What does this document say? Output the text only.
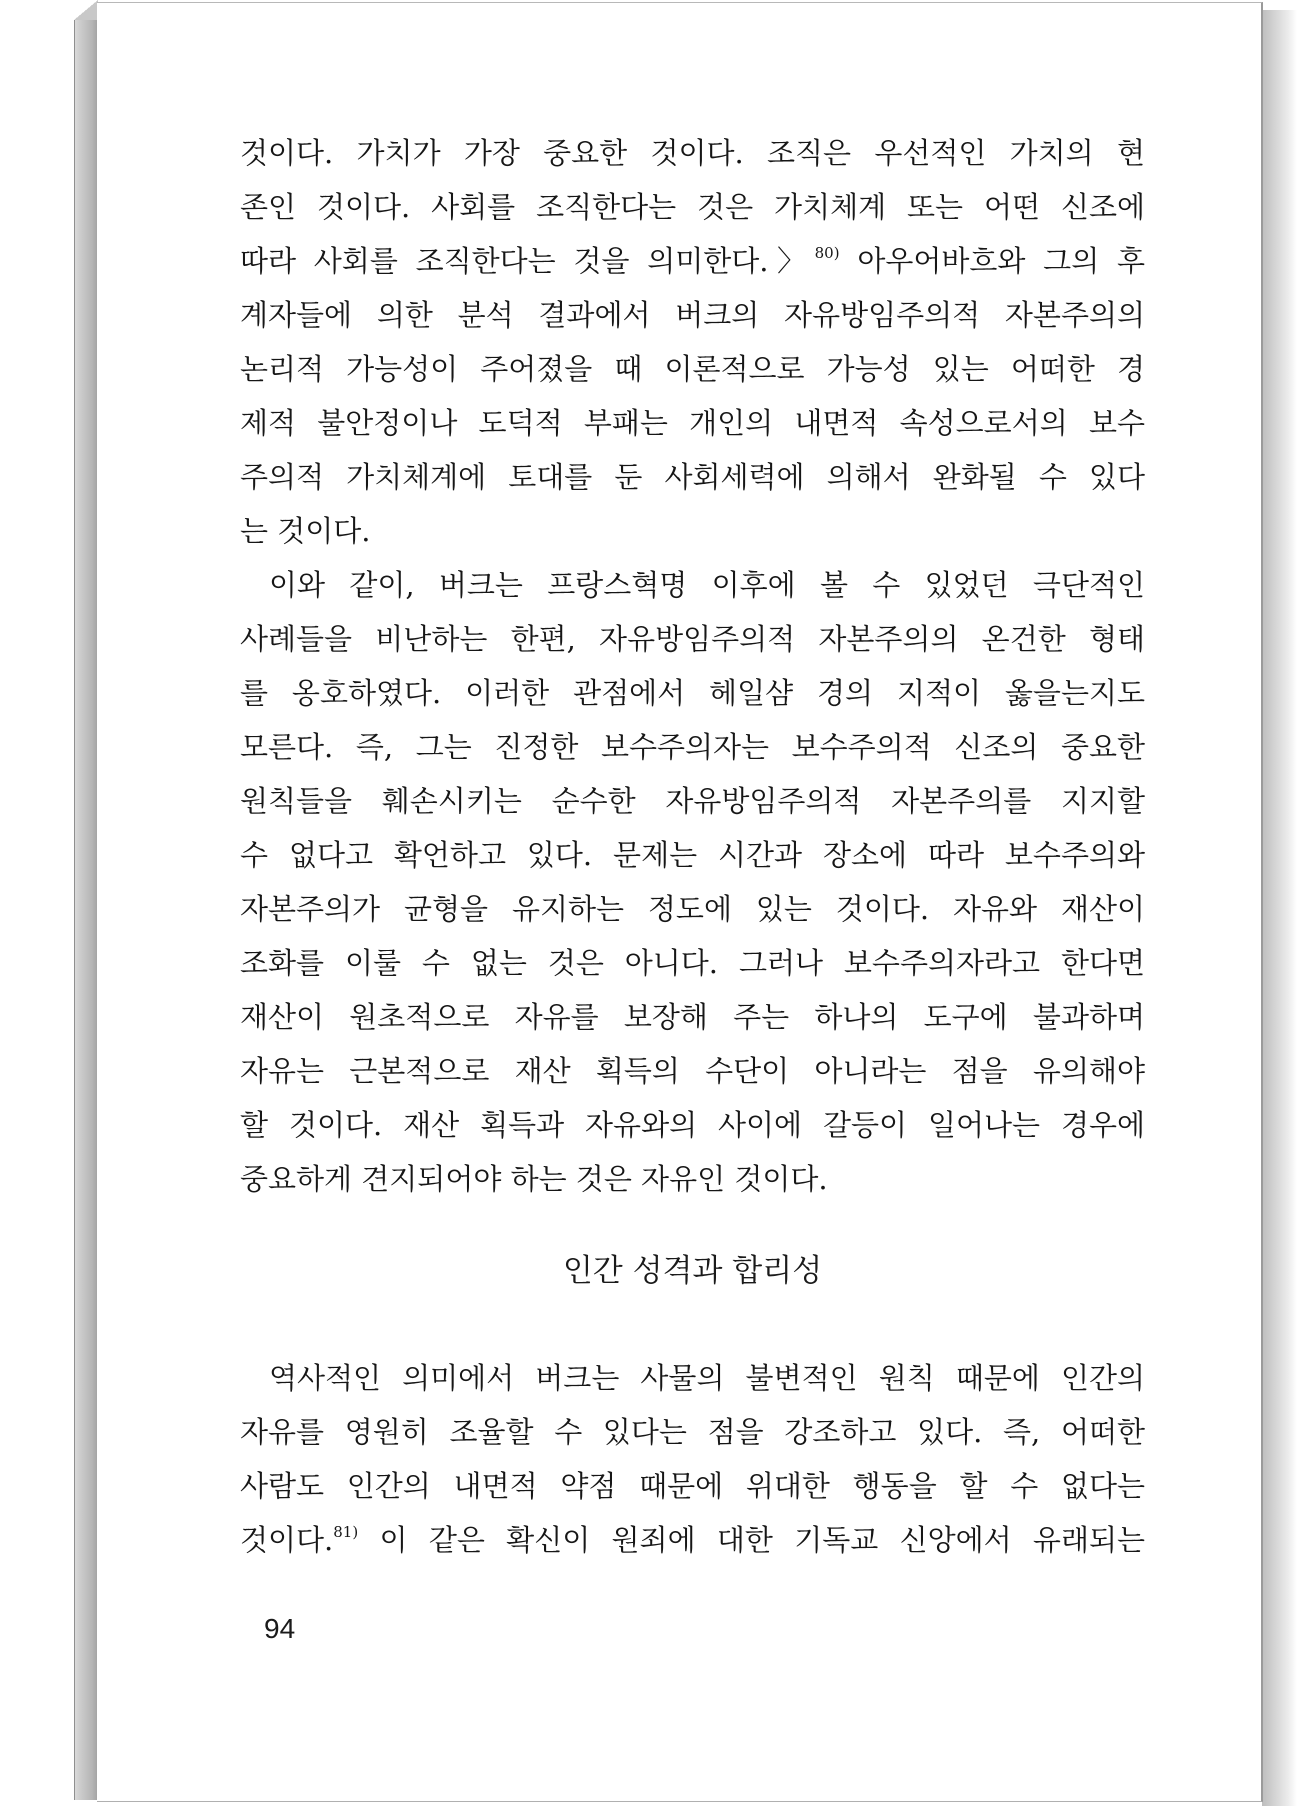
것이다. 가치가 가장 중요한 것이다. 조직은 우선적인 가치의 현
존인 것이다. 사회를 조직한다는 것은 가치체계 또는 어떤 신조에
따라 사회를 조직한다는 것을 의미한다.〉$^{80)}$ 아우어바흐와 그의 후
계자들에 의한 분석 결과에서 버크의 자유방임주의적 자본주의의
논리적 가능성이 주어졌을 때 이론적으로 가능성 있는 어떠한 경
제적 불안정이나 도덕적 부패는 개인의 내면적 속성으로서의 보수
주의적 가치체계에 토대를 둔 사회세력에 의해서 완화될 수 있다
는 것이다.
이와 같이, 버크는 프랑스혁명 이후에 볼 수 있었던 극단적인
사례들을 비난하는 한편, 자유방임주의적 자본주의의 온건한 형태
를 옹호하였다. 이러한 관점에서 헤일샴 경의 지적이 옳을는지도
모른다. 즉, 그는 진정한 보수주의자는 보수주의적 신조의 중요한
원칙들을 훼손시키는 순수한 자유방임주의적 자본주의를 지지할
수 없다고 확언하고 있다. 문제는 시간과 장소에 따라 보수주의와
자본주의가 균형을 유지하는 정도에 있는 것이다. 자유와 재산이
조화를 이룰 수 없는 것은 아니다. 그러나 보수주의자라고 한다면
재산이 원초적으로 자유를 보장해 주는 하나의 도구에 불과하며
자유는 근본적으로 재산 획득의 수단이 아니라는 점을 유의해야
할 것이다. 재산 획득과 자유와의 사이에 갈등이 일어나는 경우에
중요하게 견지되어야 하는 것은 자유인 것이다.
인간 성격과 합리성
역사적인 의미에서 버크는 사물의 불변적인 원칙 때문에 인간의
자유를 영원히 조율할 수 있다는 점을 강조하고 있다. 즉, 어떠한
사람도 인간의 내면적 약점 때문에 위대한 행동을 할 수 없다는
것이다.$^{81)}$ 이 같은 확신이 원죄에 대한 기독교 신앙에서 유래되는
94
